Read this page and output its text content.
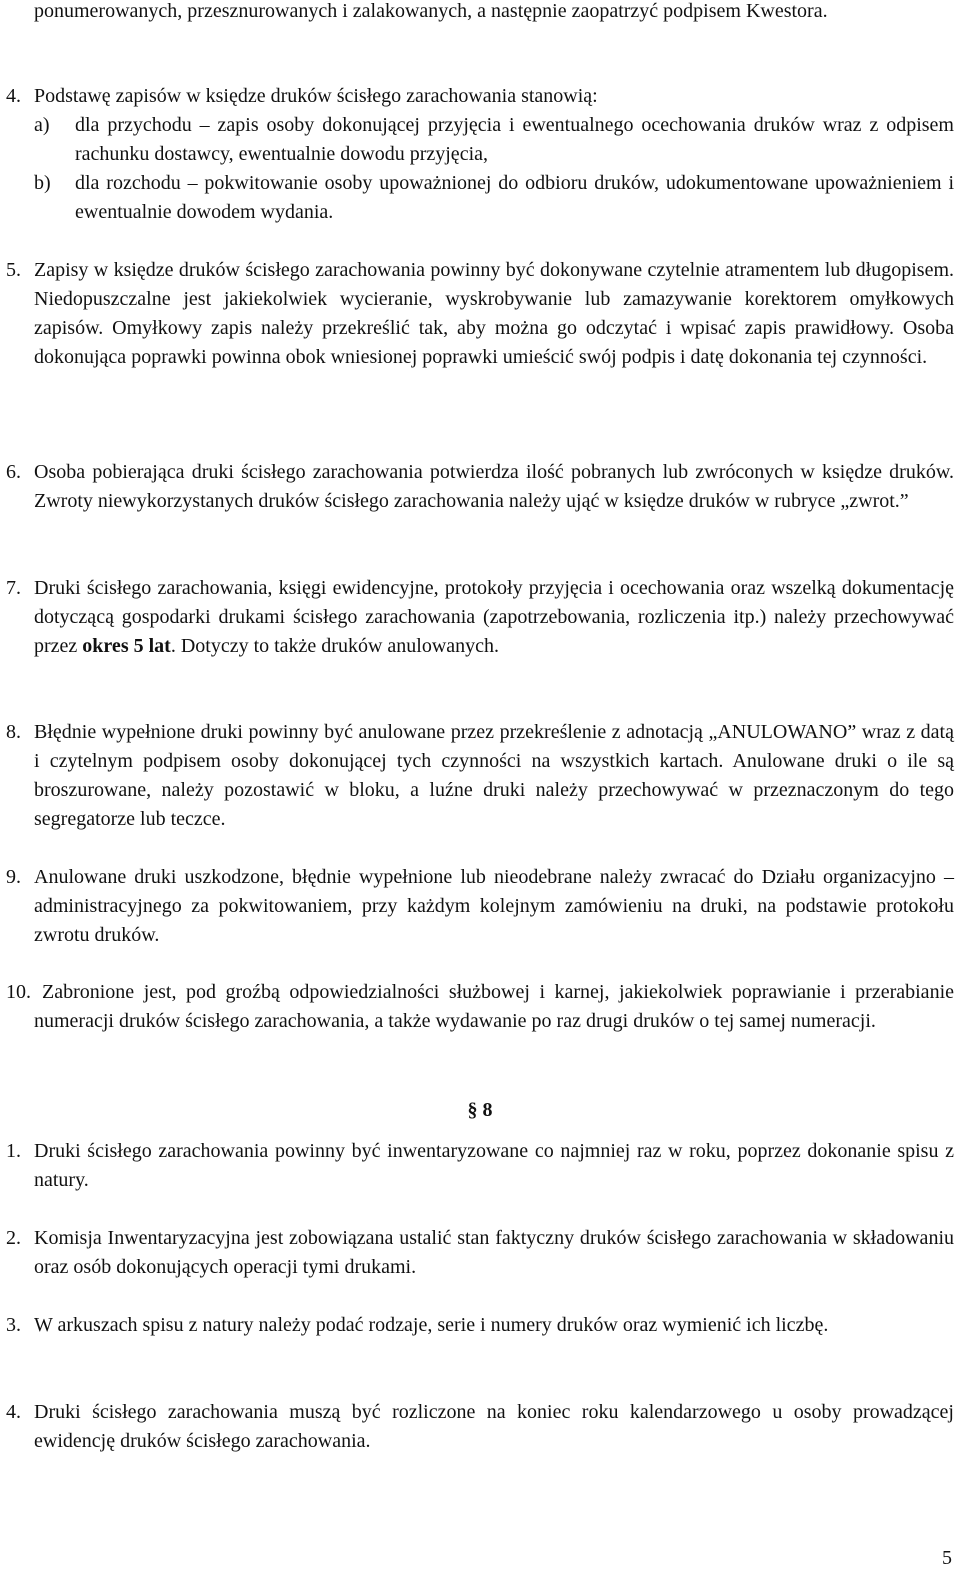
ponumerowanych, przesznurowanych i zalakowanych, a następnie zaopatrzyć podpisem Kwestora.

4. Podstawę zapisów w księdze druków ścisłego zarachowania stanowią:
a) dla przychodu – zapis osoby dokonującej przyjęcia i ewentualnego ocechowania druków wraz z odpisem rachunku dostawcy, ewentualnie dowodu przyjęcia,
b) dla rozchodu – pokwitowanie osoby upoważnionej do odbioru druków, udokumentowane upoważnieniem i ewentualnie dowodem wydania.
5. Zapisy w księdze druków ścisłego zarachowania powinny być dokonywane czytelnie atramentem lub długopisem. Niedopuszczalne jest jakiekolwiek wycieranie, wyskrobywanie lub zamazywanie korektorem omyłkowych zapisów. Omyłkowy zapis należy przekreślić tak, aby można go odczytać i wpisać zapis prawidłowy. Osoba dokonująca poprawki powinna obok wniesionej poprawki umieścić swój podpis i datę dokonania tej czynności.
6. Osoba pobierająca druki ścisłego zarachowania potwierdza ilość pobranych lub zwróconych w księdze druków. Zwroty niewykorzystanych druków ścisłego zarachowania należy ująć w księdze druków w rubryce „zwrot.”
7. Druki ścisłego zarachowania, księgi ewidencyjne, protokoły przyjęcia i ocechowania oraz wszelką dokumentację dotyczącą gospodarki drukami ścisłego zarachowania (zapotrzebowania, rozliczenia itp.) należy przechowywać przez okres 5 lat. Dotyczy to także druków anulowanych.
8. Błędnie wypełnione druki powinny być anulowane przez przekreślenie z adnotacją „ANULOWANO” wraz z datą i czytelnym podpisem osoby dokonującej tych czynności na wszystkich kartach. Anulowane druki o ile są broszurowane, należy pozostawić w bloku, a luźne druki należy przechowywać w przeznaczonym do tego segregatorze lub teczce.
9. Anulowane druki uszkodzone, błędnie wypełnione lub nieodebrane należy zwracać do Działu organizacyjno – administracyjnego za pokwitowaniem, przy każdym kolejnym zamówieniu na druki, na podstawie protokołu zwrotu druków.
10. Zabronione jest, pod groźbą odpowiedzialności służbowej i karnej, jakiekolwiek poprawianie i przerabianie numeracji druków ścisłego zarachowania, a także wydawanie po raz drugi druków o tej samej numeracji.
§ 8
1. Druki ścisłego zarachowania powinny być inwentaryzowane co najmniej raz w roku, poprzez dokonanie spisu z natury.
2. Komisja Inwentaryzacyjna jest zobowiązana ustalić stan faktyczny druków ścisłego zarachowania w składowaniu oraz osób dokonujących operacji tymi drukami.
3. W arkuszach spisu z natury należy podać rodzaje, serie i numery druków oraz wymienić ich liczbę.
4. Druki ścisłego zarachowania muszą być rozliczone na koniec roku kalendarzowego u osoby prowadzącej ewidencję druków ścisłego zarachowania.
5
